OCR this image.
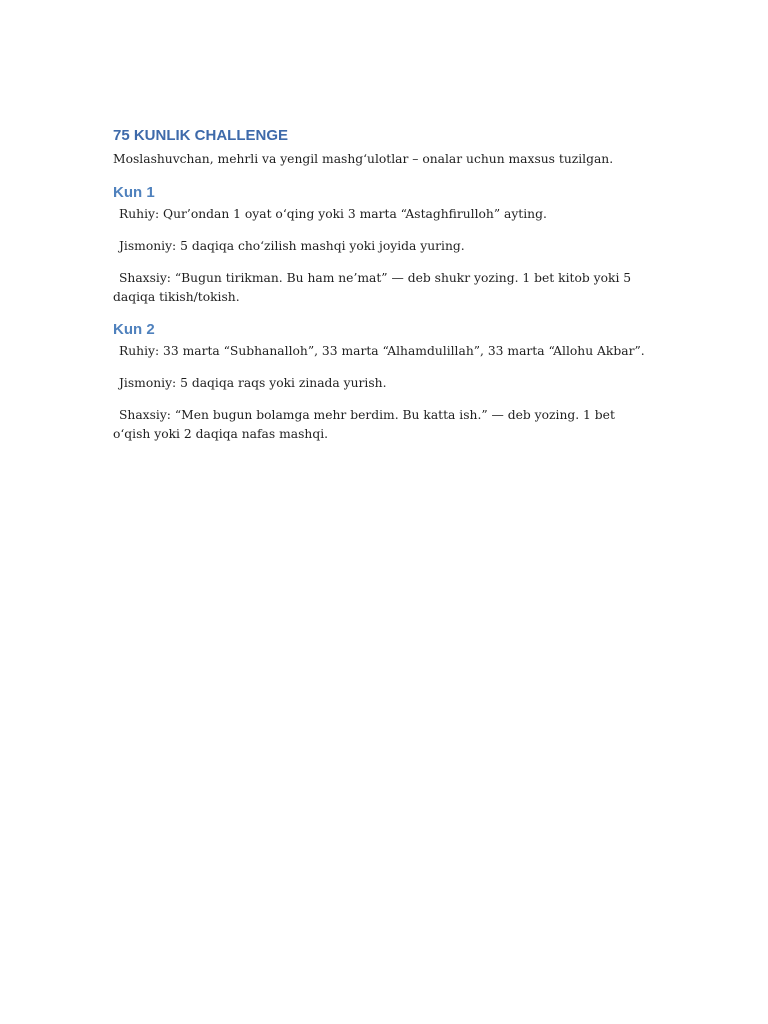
75 KUNLIK CHALLENGE

Moslashuvchan, mehrli va yengil mashg‘ulotlar – onalar uchun maxsus tuzilgan.

Kun 1

Ruhiy: Qur’ondan 1 oyat o‘qing yoki 3 marta “Astaghfirulloh” ayting.

Jismoniy: 5 daqiqa cho‘zilish mashqi yoki joyida yuring.

Shaxsiy: “Bugun tirikman. Bu ham ne’mat” — deb shukr yozing. 1 bet kitob yoki 5 daqiqa tikish/tokish.

Kun 2

Ruhiy: 33 marta “Subhanalloh”, 33 marta “Alhamdulillah”, 33 marta “Allohu Akbar”.

Jismoniy: 5 daqiqa raqs yoki zinada yurish.

Shaxsiy: “Men bugun bolamga mehr berdim. Bu katta ish.” — deb yozing. 1 bet o‘qish yoki 2 daqiqa nafas mashqi.
